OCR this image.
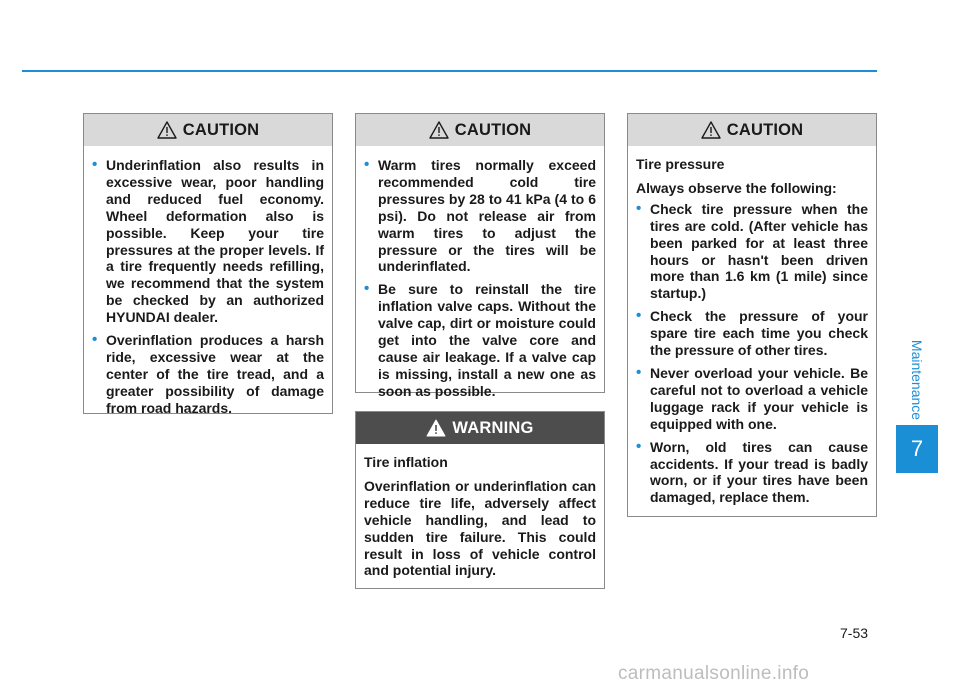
CAUTION
• Underinflation also results in excessive wear, poor handling and reduced fuel economy. Wheel deformation also is possible. Keep your tire pressures at the proper levels. If a tire frequently needs refilling, we recommend that the system be checked by an authorized HYUNDAI dealer.
• Overinflation produces a harsh ride, excessive wear at the center of the tire tread, and a greater possibility of damage from road hazards.
CAUTION
• Warm tires normally exceed recommended cold tire pressures by 28 to 41 kPa (4 to 6 psi). Do not release air from warm tires to adjust the pressure or the tires will be underinflated.
• Be sure to reinstall the tire inflation valve caps. Without the valve cap, dirt or moisture could get into the valve core and cause air leakage. If a valve cap is missing, install a new one as soon as possible.
WARNING

Tire inflation

Overinflation or underinflation can reduce tire life, adversely affect vehicle handling, and lead to sudden tire failure. This could result in loss of vehicle control and potential injury.

CAUTION

Tire pressure

Always observe the following:

• Check tire pressure when the tires are cold. (After vehicle has been parked for at least three hours or hasn't been driven more than 1.6 km (1 mile) since startup.)
• Check the pressure of your spare tire each time you check the pressure of other tires.
• Never overload your vehicle. Be careful not to overload a vehicle luggage rack if your vehicle is equipped with one.
• Worn, old tires can cause accidents. If your tread is badly worn, or if your tires have been damaged, replace them.
Maintenance
7
7-53
carmanualsonline.info
